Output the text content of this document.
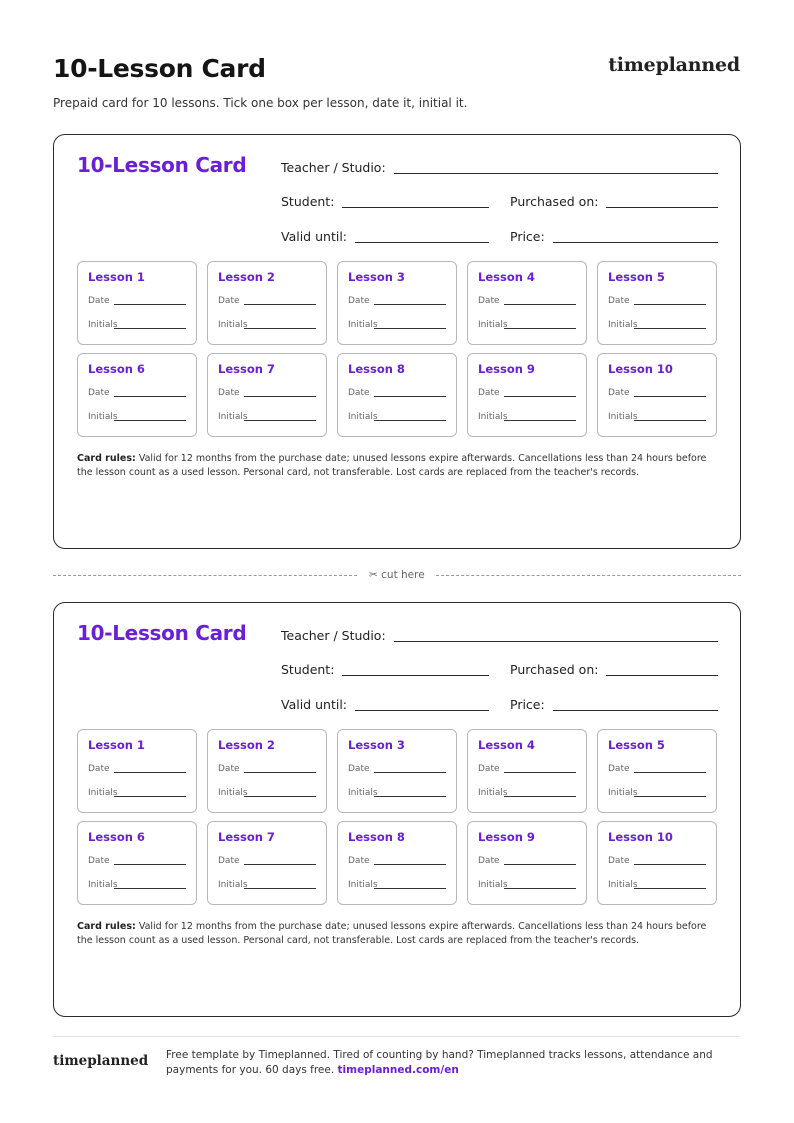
10-Lesson Card	timeplanned
Prepaid card for 10 lessons. Tick one box per lesson, date it, initial it.
10-Lesson Card	Teacher / Studio:
Student:	Purchased on:
Valid until:	Price:
Lesson 1
Date
Initials
Lesson 2
Date
Initials
Lesson 3
Date
Initials
Lesson 4
Date
Initials
Lesson 5
Date
Initials
Lesson 6
Date
Initials
Lesson 7
Date
Initials
Lesson 8
Date
Initials
Lesson 9
Date
Initials
Lesson 10
Date
Initials
Card rules: Valid for 12 months from the purchase date; unused lessons expire afterwards. Cancellations less than 24 hours before the lesson count as a used lesson. Personal card, not transferable. Lost cards are replaced from the teacher's records.
10-Lesson Card	Teacher / Studio:
Student:	Purchased on:
Valid until:	Price:
Lesson 1
Date
Initials
Lesson 2
Date
Initials
Lesson 3
Date
Initials
Lesson 4
Date
Initials
Lesson 5
Date
Initials
Lesson 6
Date
Initials
Lesson 7
Date
Initials
Lesson 8
Date
Initials
Lesson 9
Date
Initials
Lesson 10
Date
Initials
Card rules: Valid for 12 months from the purchase date; unused lessons expire afterwards. Cancellations less than 24 hours before the lesson count as a used lesson. Personal card, not transferable. Lost cards are replaced from the teacher's records.
✂ cut here
timeplanned Free template by Timeplanned. Tired of counting by hand? Timeplanned tracks lessons, attendance and payments for you. 60 days free. timeplanned.com/en
